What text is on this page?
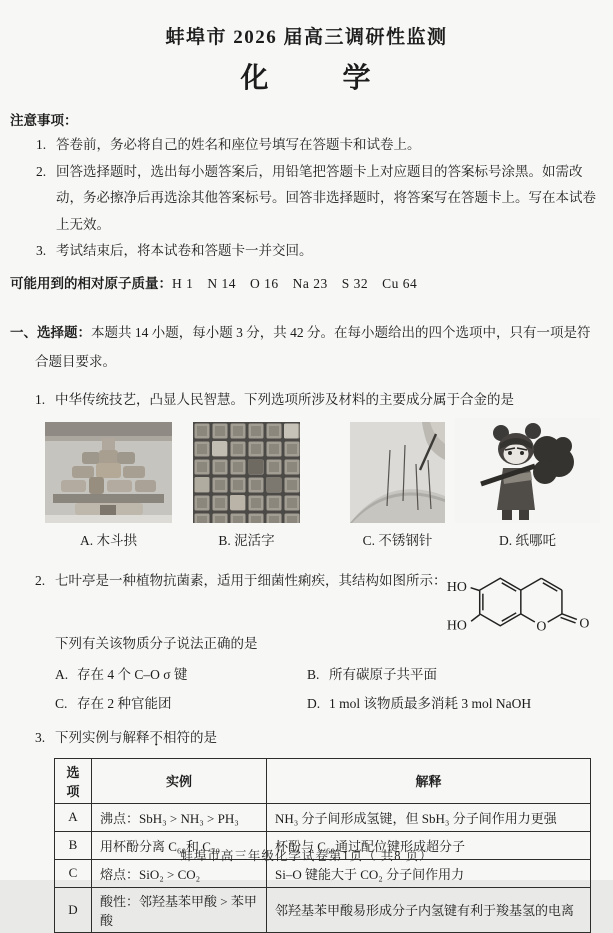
蚌埠市 2026 届高三调研性监测
化        学
注意事项：
1. 答卷前，务必将自己的姓名和座位号填写在答题卡和试卷上。
2. 回答选择题时，选出每小题答案后，用铅笔把答题卡上对应题目的答案标号涂黑。如需改动，务必擦净后再选涂其他答案标号。回答非选择题时，将答案写在答题卡上。写在本试卷上无效。
3. 考试结束后，将本试卷和答题卡一并交回。
可能用到的相对原子质量：H 1　N 14　O 16　Na 23　S 32　Cu 64
一、选择题：本题共 14 小题，每小题 3 分，共 42 分。在每小题给出的四个选项中，只有一项是符合题目要求。
1. 中华传统技艺，凸显人民智慧。下列选项所涉及材料的主要成分属于合金的是
A. 木斗拱	B. 泥活字	C. 不锈钢针	D. 纸哪吒
2. 七叶亭是一种植物抗菌素，适用于细菌性痢疾，其结构如图所示： HO
HO	O O
下列有关该物质分子说法正确的是
A. 存在 4 个 C–O σ 键	B. 所有碳原子共平面
C. 存在 2 种官能团	D. 1 mol 该物质最多消耗 3 mol NaOH
3. 下列实例与解释不相符的是
选项	实例	解释
A	沸点：SbH₃ > NH₃ > PH₃	NH₃ 分子间形成氢键，但 SbH₃ 分子间作用力更强
B	用杯酚分离 C₆₀和 C₇₀	杯酚与 C₆₀通过配位键形成超分子
C	熔点：SiO₂ > CO₂	Si–O 键能大于 CO₂ 分子间作用力
D	酸性：邻羟基苯甲酸 > 苯甲酸	邻羟基苯甲酸易形成分子内氢键有利于羧基氢的电离
蚌埠市高三年级化学试卷第1页（ 共8 页）
